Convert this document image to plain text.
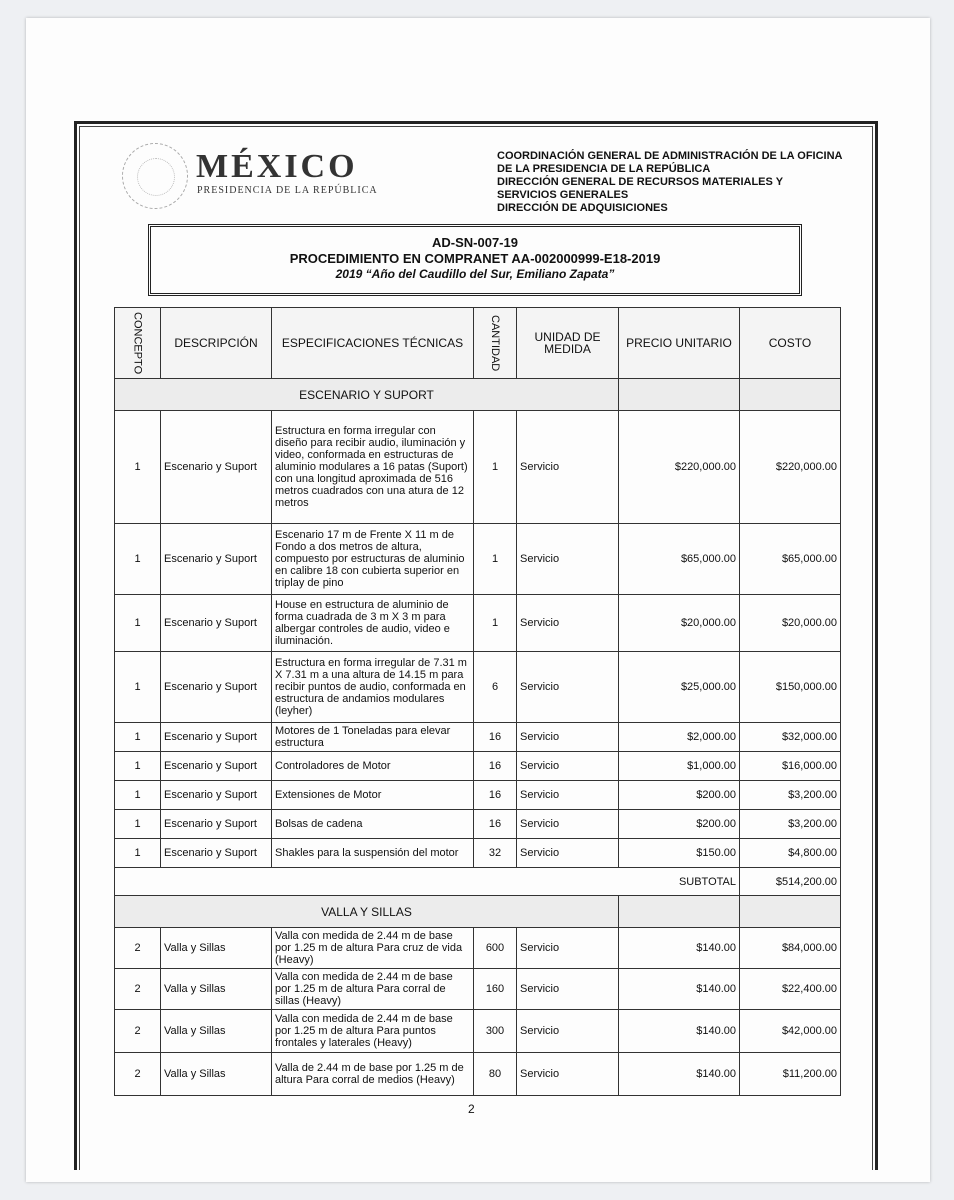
MÉXICO
PRESIDENCIA DE LA REPÚBLICA
COORDINACIÓN GENERAL DE ADMINISTRACIÓN DE LA OFICINA
DE LA PRESIDENCIA DE LA REPÚBLICA
DIRECCIÓN GENERAL DE RECURSOS MATERIALES Y
SERVICIOS GENERALES
DIRECCIÓN DE ADQUISICIONES
AD-SN-007-19
PROCEDIMIENTO EN COMPRANET AA-002000999-E18-2019
2019 “Año del Caudillo del Sur, Emiliano Zapata”
CONCEPTO	DESCRIPCIÓN	ESPECIFICACIONES TÉCNICAS	CANTIDAD	UNIDAD DE MEDIDA	PRECIO UNITARIO	COSTO
ESCENARIO Y SUPORT						
1	Escenario y Suport	Estructura en forma irregular con diseño para recibir audio, iluminación y video, conformada en estructuras de aluminio modulares a 16 patas (Suport) con una longitud aproximada de 516 metros cuadrados con una atura de 12 metros	1	Servicio	$220,000.00	$220,000.00
1	Escenario y Suport	Escenario 17 m de Frente X 11 m de Fondo a dos metros de altura, compuesto por estructuras de aluminio en calibre 18 con cubierta superior en triplay de pino	1	Servicio	$65,000.00	$65,000.00
1	Escenario y Suport	House en estructura de aluminio de forma cuadrada de 3 m X 3 m para albergar controles de audio, video e iluminación.	1	Servicio	$20,000.00	$20,000.00
1	Escenario y Suport	Estructura en forma irregular de 7.31 m X 7.31 m a una altura de 14.15 m para recibir puntos de audio, conformada en estructura de andamios modulares (leyher)	6	Servicio	$25,000.00	$150,000.00
1	Escenario y Suport	Motores de 1 Toneladas para elevar estructura	16	Servicio	$2,000.00	$32,000.00
1	Escenario y Suport	Controladores de Motor	16	Servicio	$1,000.00	$16,000.00
1	Escenario y Suport	Extensiones de Motor	16	Servicio	$200.00	$3,200.00
1	Escenario y Suport	Bolsas de cadena	16	Servicio	$200.00	$3,200.00
1	Escenario y Suport	Shakles para la suspensión del motor	32	Servicio	$150.00	$4,800.00
SUBTOTAL						$514,200.00
VALLA Y SILLAS						
2	Valla y Sillas	Valla con medida de 2.44 m de base por 1.25 m de altura Para cruz de vida (Heavy)	600	Servicio	$140.00	$84,000.00
2	Valla y Sillas	Valla con medida de 2.44 m de base por 1.25 m de altura Para corral de sillas (Heavy)	160	Servicio	$140.00	$22,400.00
2	Valla y Sillas	Valla con medida de 2.44 m de base por 1.25 m de altura Para puntos frontales y laterales (Heavy)	300	Servicio	$140.00	$42,000.00
2	Valla y Sillas	Valla de 2.44 m de base por 1.25 m de altura Para corral de medios (Heavy)	80	Servicio	$140.00	$11,200.00
2
